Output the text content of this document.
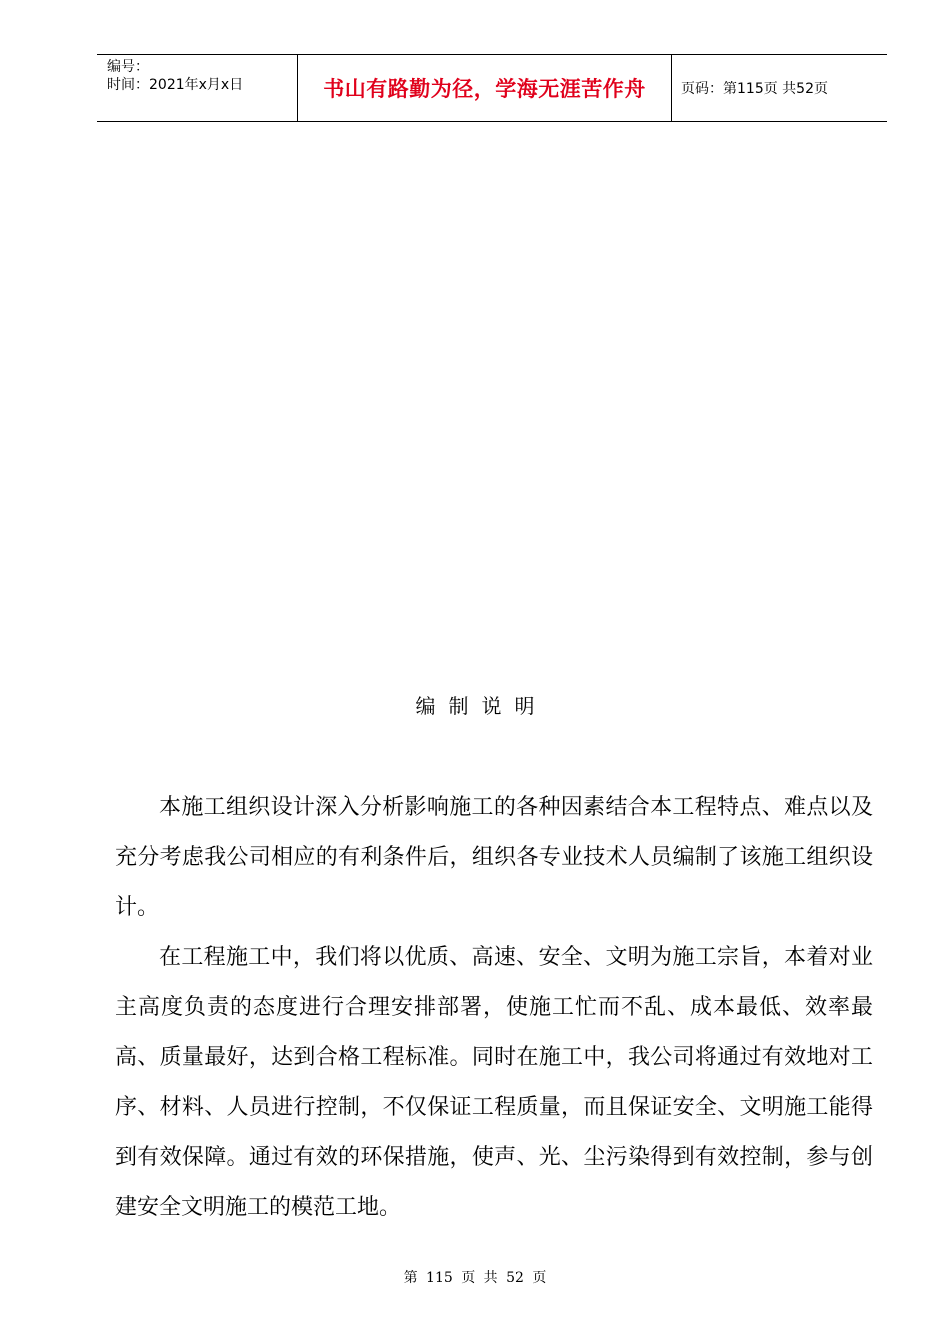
编号：
时间：2021年x月x日	书山有路勤为径，学海无涯苦作舟	页码：第115页 共52页
编制说明

本施工组织设计深入分析影响施工的各种因素结合本工程特点、难点以及充分考虑我公司相应的有利条件后，组织各专业技术人员编制了该施工组织设计。

在工程施工中，我们将以优质、高速、安全、文明为施工宗旨，本着对业主高度负责的态度进行合理安排部署，使施工忙而不乱、成本最低、效率最高、质量最好，达到合格工程标准。同时在施工中，我公司将通过有效地对工序、材料、人员进行控制，不仅保证工程质量，而且保证安全、文明施工能得到有效保障。通过有效的环保措施，使声、光、尘污染得到有效控制，参与创建安全文明施工的模范工地。

第 115 页 共 52 页
